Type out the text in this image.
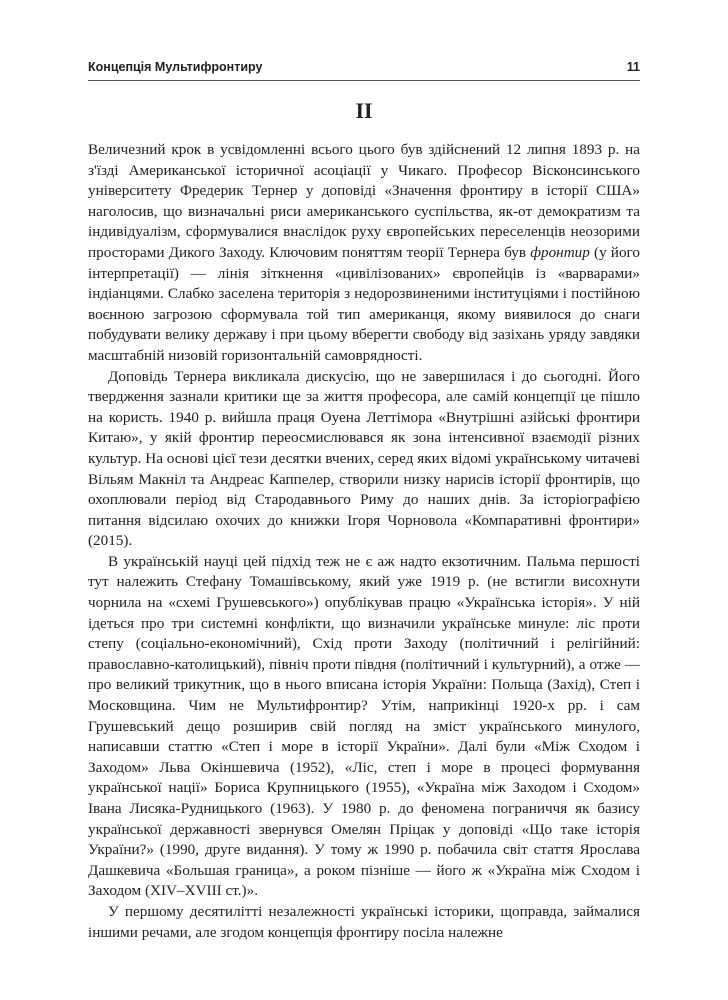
Концепція Мультифронтиру	11
II

Величезний крок в усвідомленні всього цього був здійснений 12 липня 1893 р. на з'їзді Американської історичної асоціації у Чикаго. Професор Вісконсинського університету Фредерик Тернер у доповіді «Значення фронтиру в історії США» наголосив, що визначальні риси американського суспільства, як-от демократизм та індивідуалізм, сформувалися внаслідок руху європейських переселенців неозорими просторами Дикого Заходу. Ключовим поняттям теорії Тернера був фронтир (у його інтерпретації) — лінія зіткнення «цивілізованих» європейців із «варварами» індіанцями. Слабко заселена територія з недорозвиненими інституціями і постійною воєнною загрозою сформувала той тип американця, якому виявилося до снаги побудувати велику державу і при цьому вберегти свободу від зазіхань уряду завдяки масштабній низовій горизонтальній самоврядності.

Доповідь Тернера викликала дискусію, що не завершилася і до сьогодні. Його твердження зазнали критики ще за життя професора, але самій концепції це пішло на користь. 1940 р. вийшла праця Оуена Леттімора «Внутрішні азійські фронтири Китаю», у якій фронтир переосмислювався як зона інтенсивної взаємодії різних культур. На основі цієї тези десятки вчених, серед яких відомі українському читачеві Вільям Макніл та Андреас Каппелер, створили низку нарисів історії фронтирів, що охоплювали період від Стародавнього Риму до наших днів. За історіографією питання відсилаю охочих до книжки Ігоря Чорновола «Компаративні фронтири» (2015).

В українській науці цей підхід теж не є аж надто екзотичним. Пальма першості тут належить Стефану Томашівському, який уже 1919 р. (не встигли висохнути чорнила на «схемі Грушевського») опублікував працю «Українська історія». У ній ідеться про три системні конфлікти, що визначили українське минуле: ліс проти степу (соціально-економічний), Схід проти Заходу (політичний і релігійний: православно-католицький), північ проти півдня (політичний і культурний), а отже — про великий трикутник, що в нього вписана історія України: Польща (Захід), Степ і Московщина. Чим не Мультифронтир? Утім, наприкінці 1920-х рр. і сам Грушевський дещо розширив свій погляд на зміст українського минулого, написавши статтю «Степ і море в історії України». Далі були «Між Сходом і Заходом» Льва Окіншевича (1952), «Ліс, степ і море в процесі формування української нації» Бориса Крупницького (1955), «Україна між Заходом і Сходом» Івана Лисяка-Рудницького (1963). У 1980 р. до феномена пограниччя як базису української державності звернувся Омелян Пріцак у доповіді «Що таке історія України?» (1990, друге видання). У тому ж 1990 р. побачила світ стаття Ярослава Дашкевича «Большая граница», а роком пізніше — його ж «Україна між Сходом і Заходом (XIV–XVIII ст.)».

У першому десятилітті незалежності українські історики, щоправда, займалися іншими речами, але згодом концепція фронтиру посіла належне
